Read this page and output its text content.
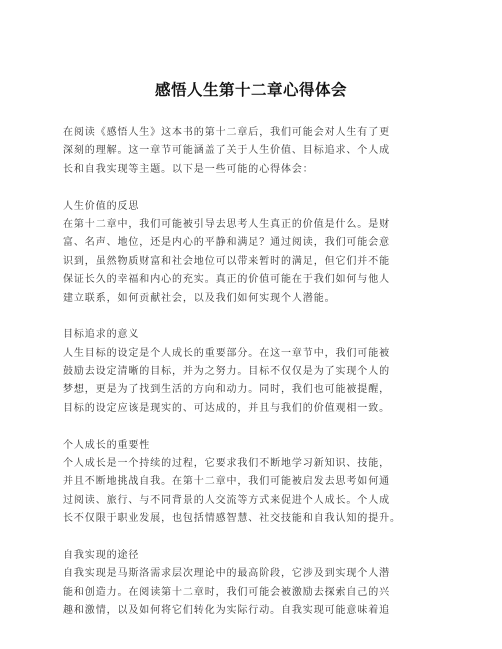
感悟人生第十二章心得体会
在阅读《感悟人生》这本书的第十二章后，我们可能会对人生有了更
深刻的理解。这一章节可能涵盖了关于人生价值、目标追求、个人成
长和自我实现等主题。以下是一些可能的心得体会：
人生价值的反思
在第十二章中，我们可能被引导去思考人生真正的价值是什么。是财
富、名声、地位，还是内心的平静和满足？通过阅读，我们可能会意
识到，虽然物质财富和社会地位可以带来暂时的满足，但它们并不能
保证长久的幸福和内心的充实。真正的价值可能在于我们如何与他人
建立联系，如何贡献社会，以及我们如何实现个人潜能。
目标追求的意义
人生目标的设定是个人成长的重要部分。在这一章节中，我们可能被
鼓励去设定清晰的目标，并为之努力。目标不仅仅是为了实现个人的
梦想，更是为了找到生活的方向和动力。同时，我们也可能被提醒，
目标的设定应该是现实的、可达成的，并且与我们的价值观相一致。
个人成长的重要性
个人成长是一个持续的过程，它要求我们不断地学习新知识、技能，
并且不断地挑战自我。在第十二章中，我们可能被启发去思考如何通
过阅读、旅行、与不同背景的人交流等方式来促进个人成长。个人成
长不仅限于职业发展，也包括情感智慧、社交技能和自我认知的提升。
自我实现的途径
自我实现是马斯洛需求层次理论中的最高阶段，它涉及到实现个人潜
能和创造力。在阅读第十二章时，我们可能会被激励去探索自己的兴
趣和激情，以及如何将它们转化为实际行动。自我实现可能意味着追
